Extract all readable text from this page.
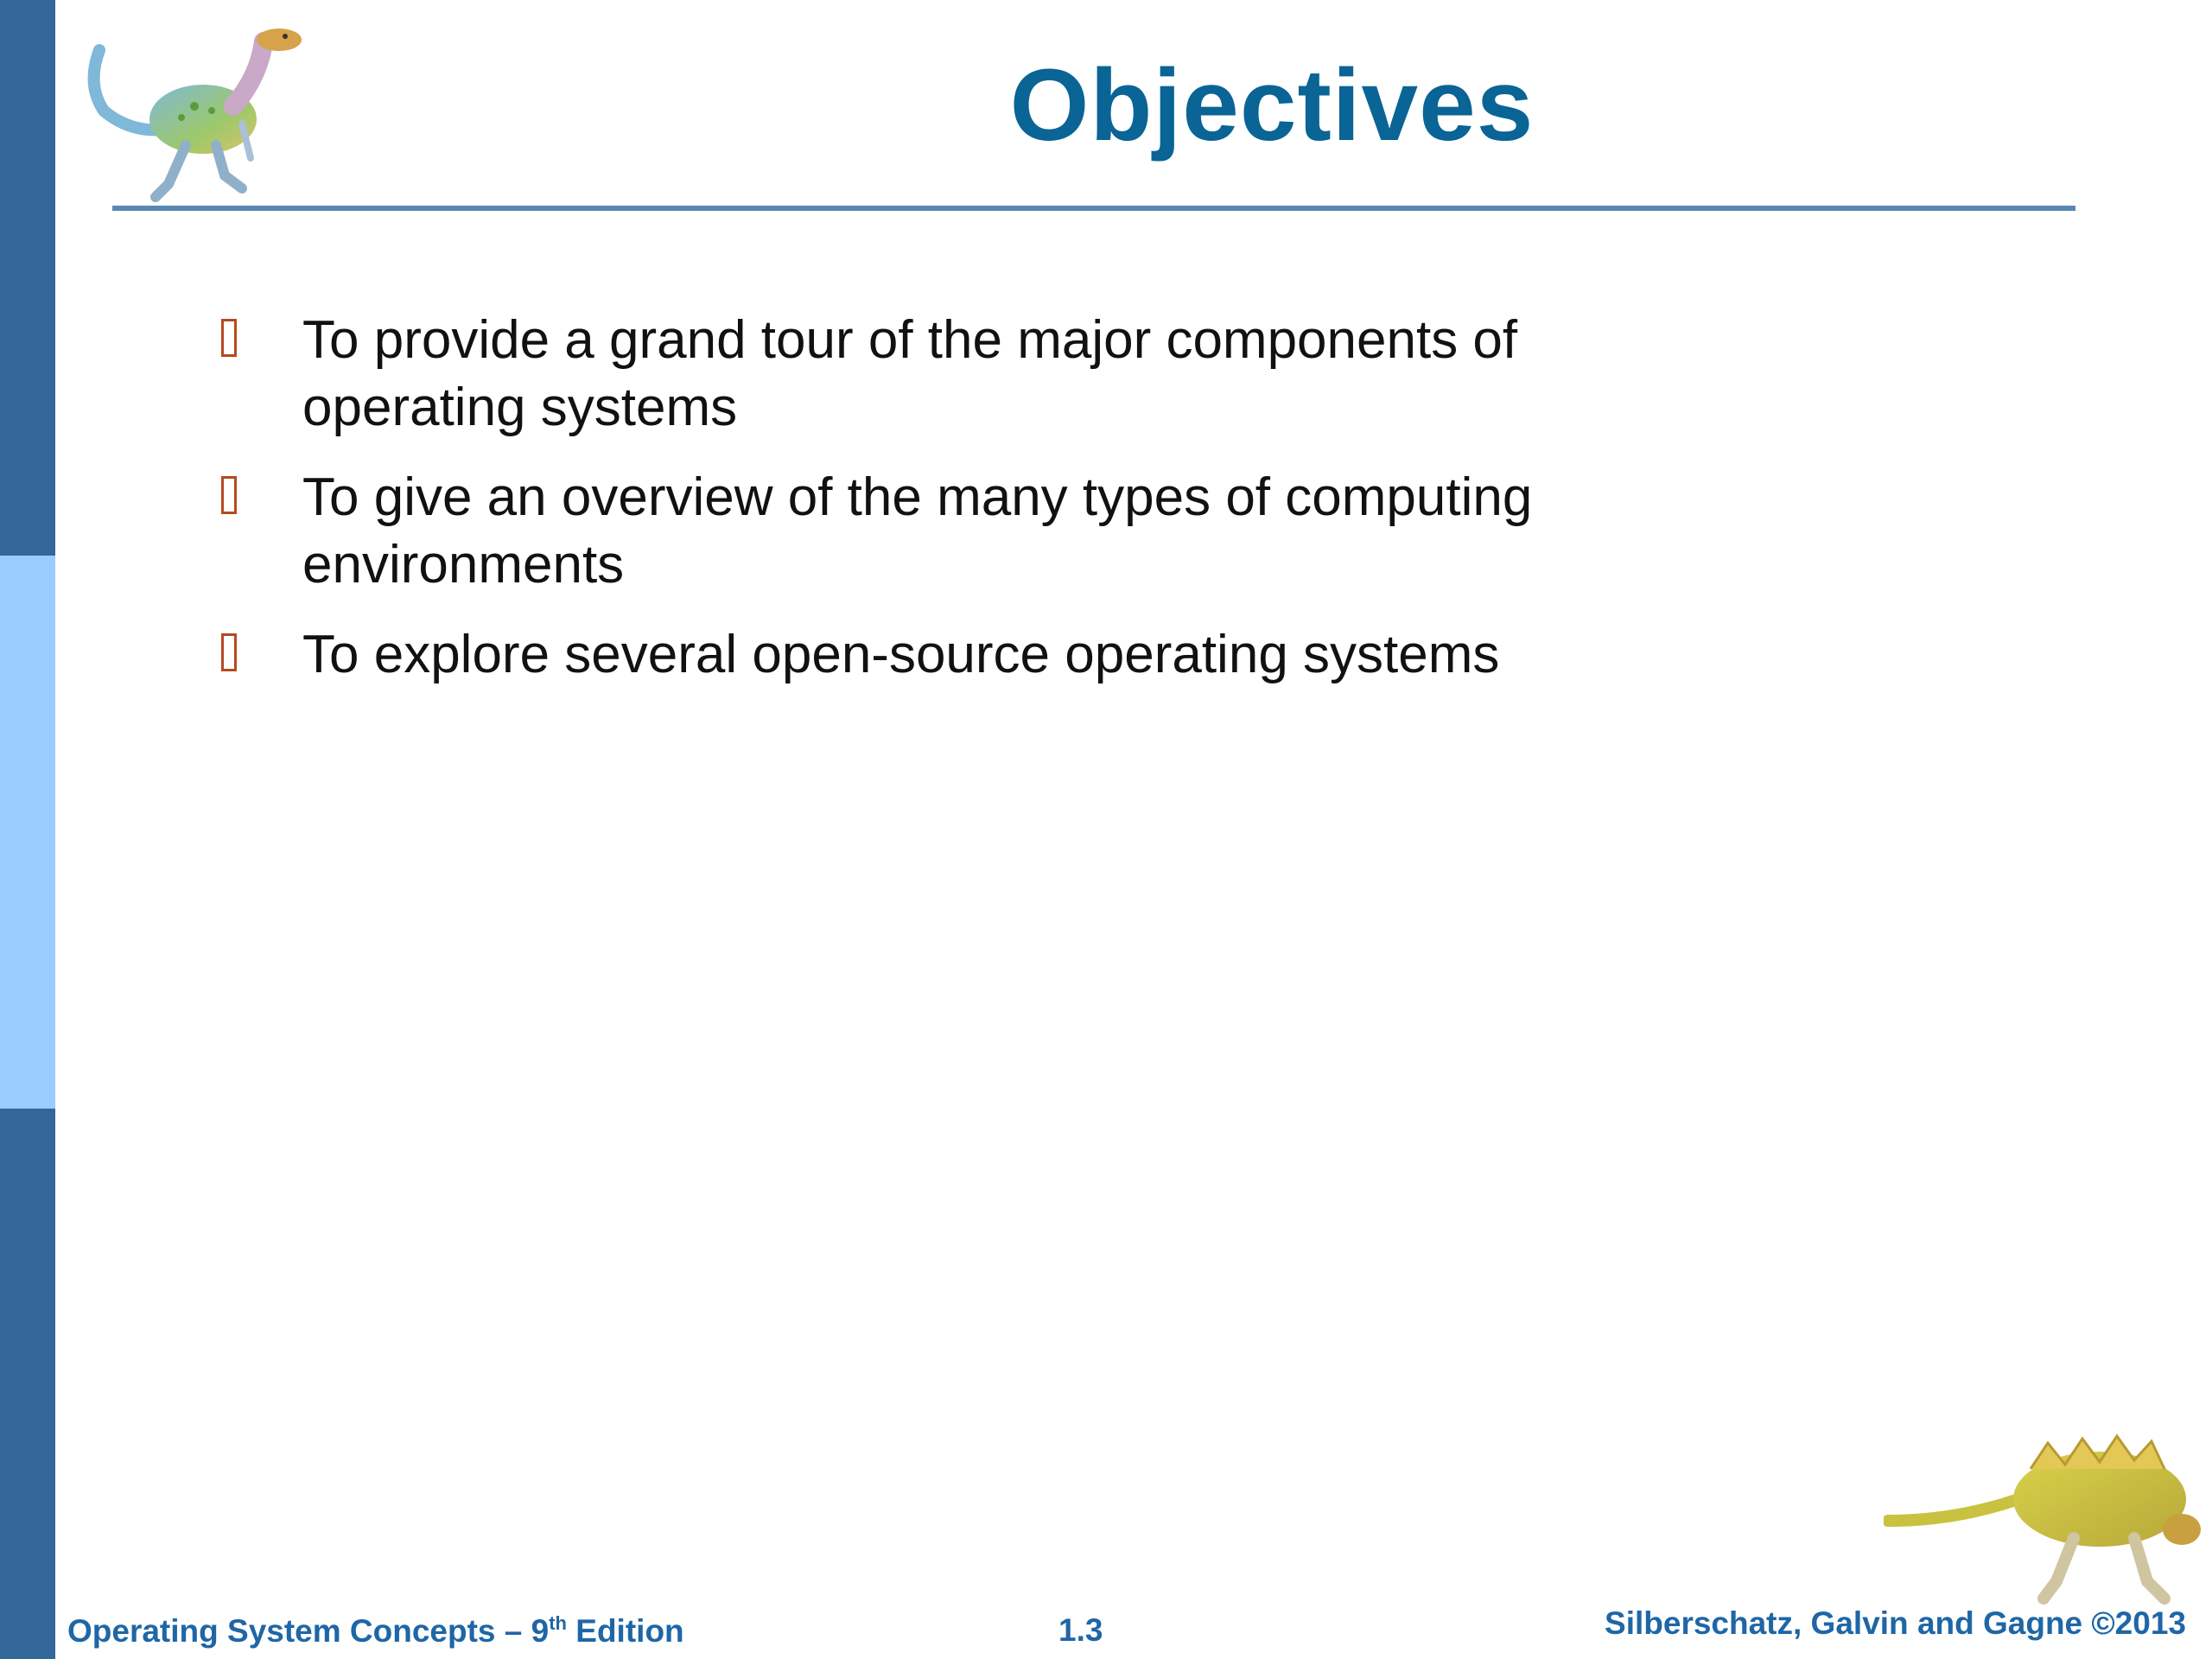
Objectives
To provide a grand tour of the major components of
operating systems
To give an overview of the many types of computing
environments
To explore several open-source operating systems
Operating System Concepts – 9th Edition	1.3	Silberschatz, Galvin and Gagne ©2013
